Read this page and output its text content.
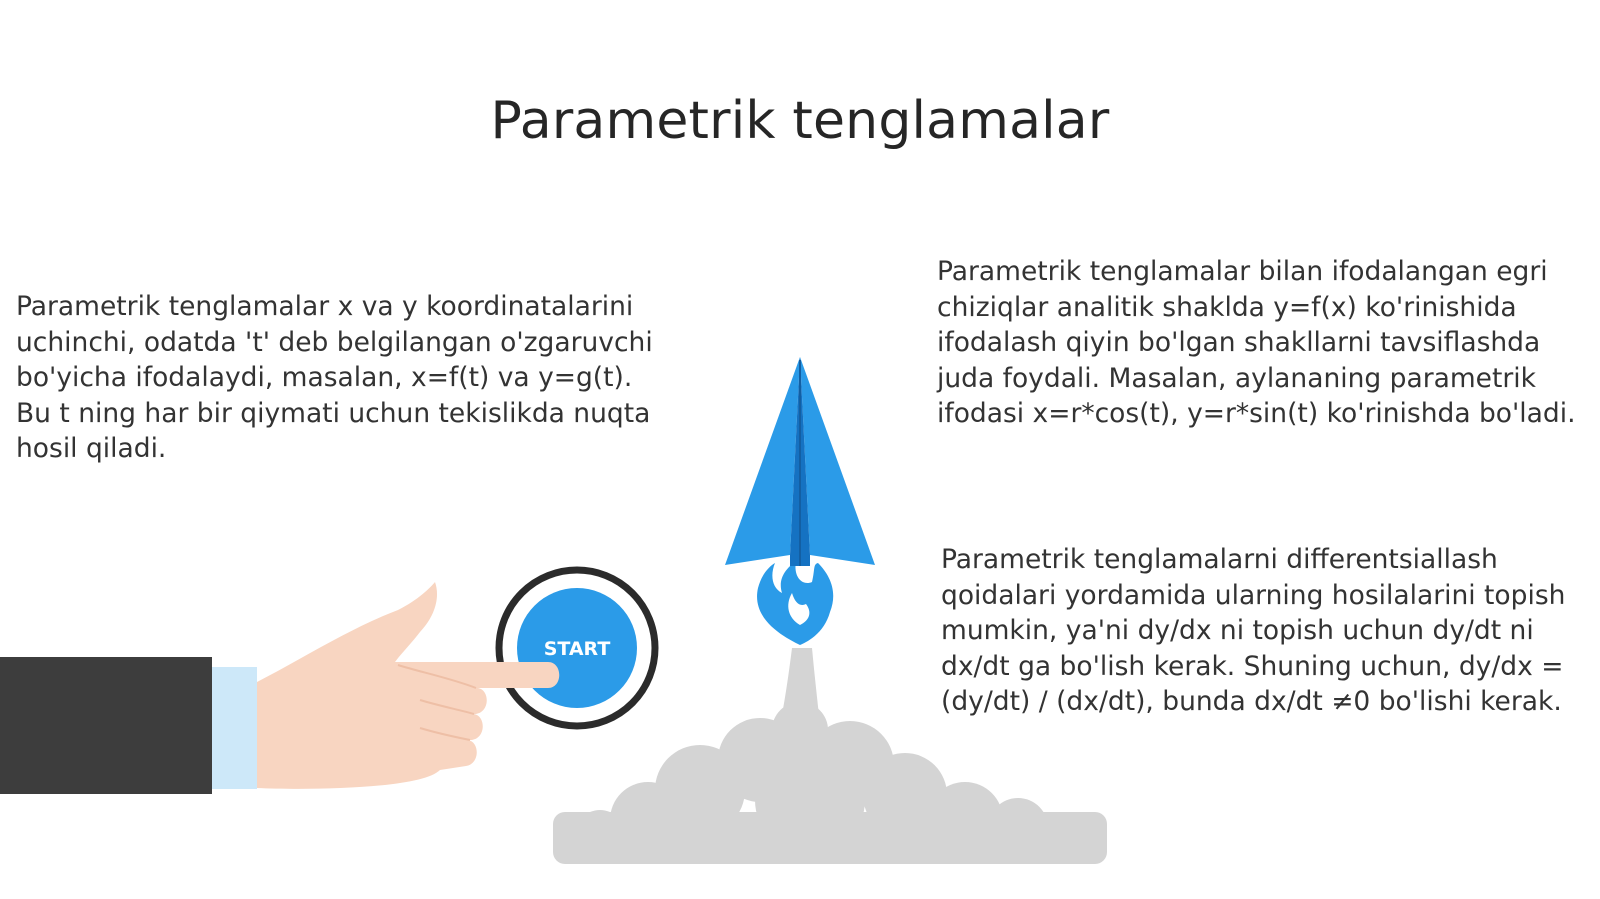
Parametrik tenglamalar

Parametrik tenglamalar x va y koordinatalarini uchinchi, odatda 't' deb belgilangan o'zgaruvchi bo'yicha ifodalaydi, masalan, x=f(t) va y=g(t). Bu t ning har bir qiymati uchun tekislikda nuqta hosil qiladi.

Parametrik tenglamalar bilan ifodalangan egri chiziqlar analitik shaklda y=f(x) ko'rinishida ifodalash qiyin bo'lgan shakllarni tavsiflashda juda foydali. Masalan, aylananing parametrik ifodasi x=r*cos(t), y=r*sin(t) ko'rinishda bo'ladi.

Parametrik tenglamalarni differentsiallash qoidalari yordamida ularning hosilalarini topish mumkin, ya'ni dy/dx ni topish uchun dy/dt ni dx/dt ga bo'lish kerak. Shuning uchun, dy/dx = (dy/dt) / (dx/dt), bunda dx/dt ≠0 bo'lishi kerak.

START
